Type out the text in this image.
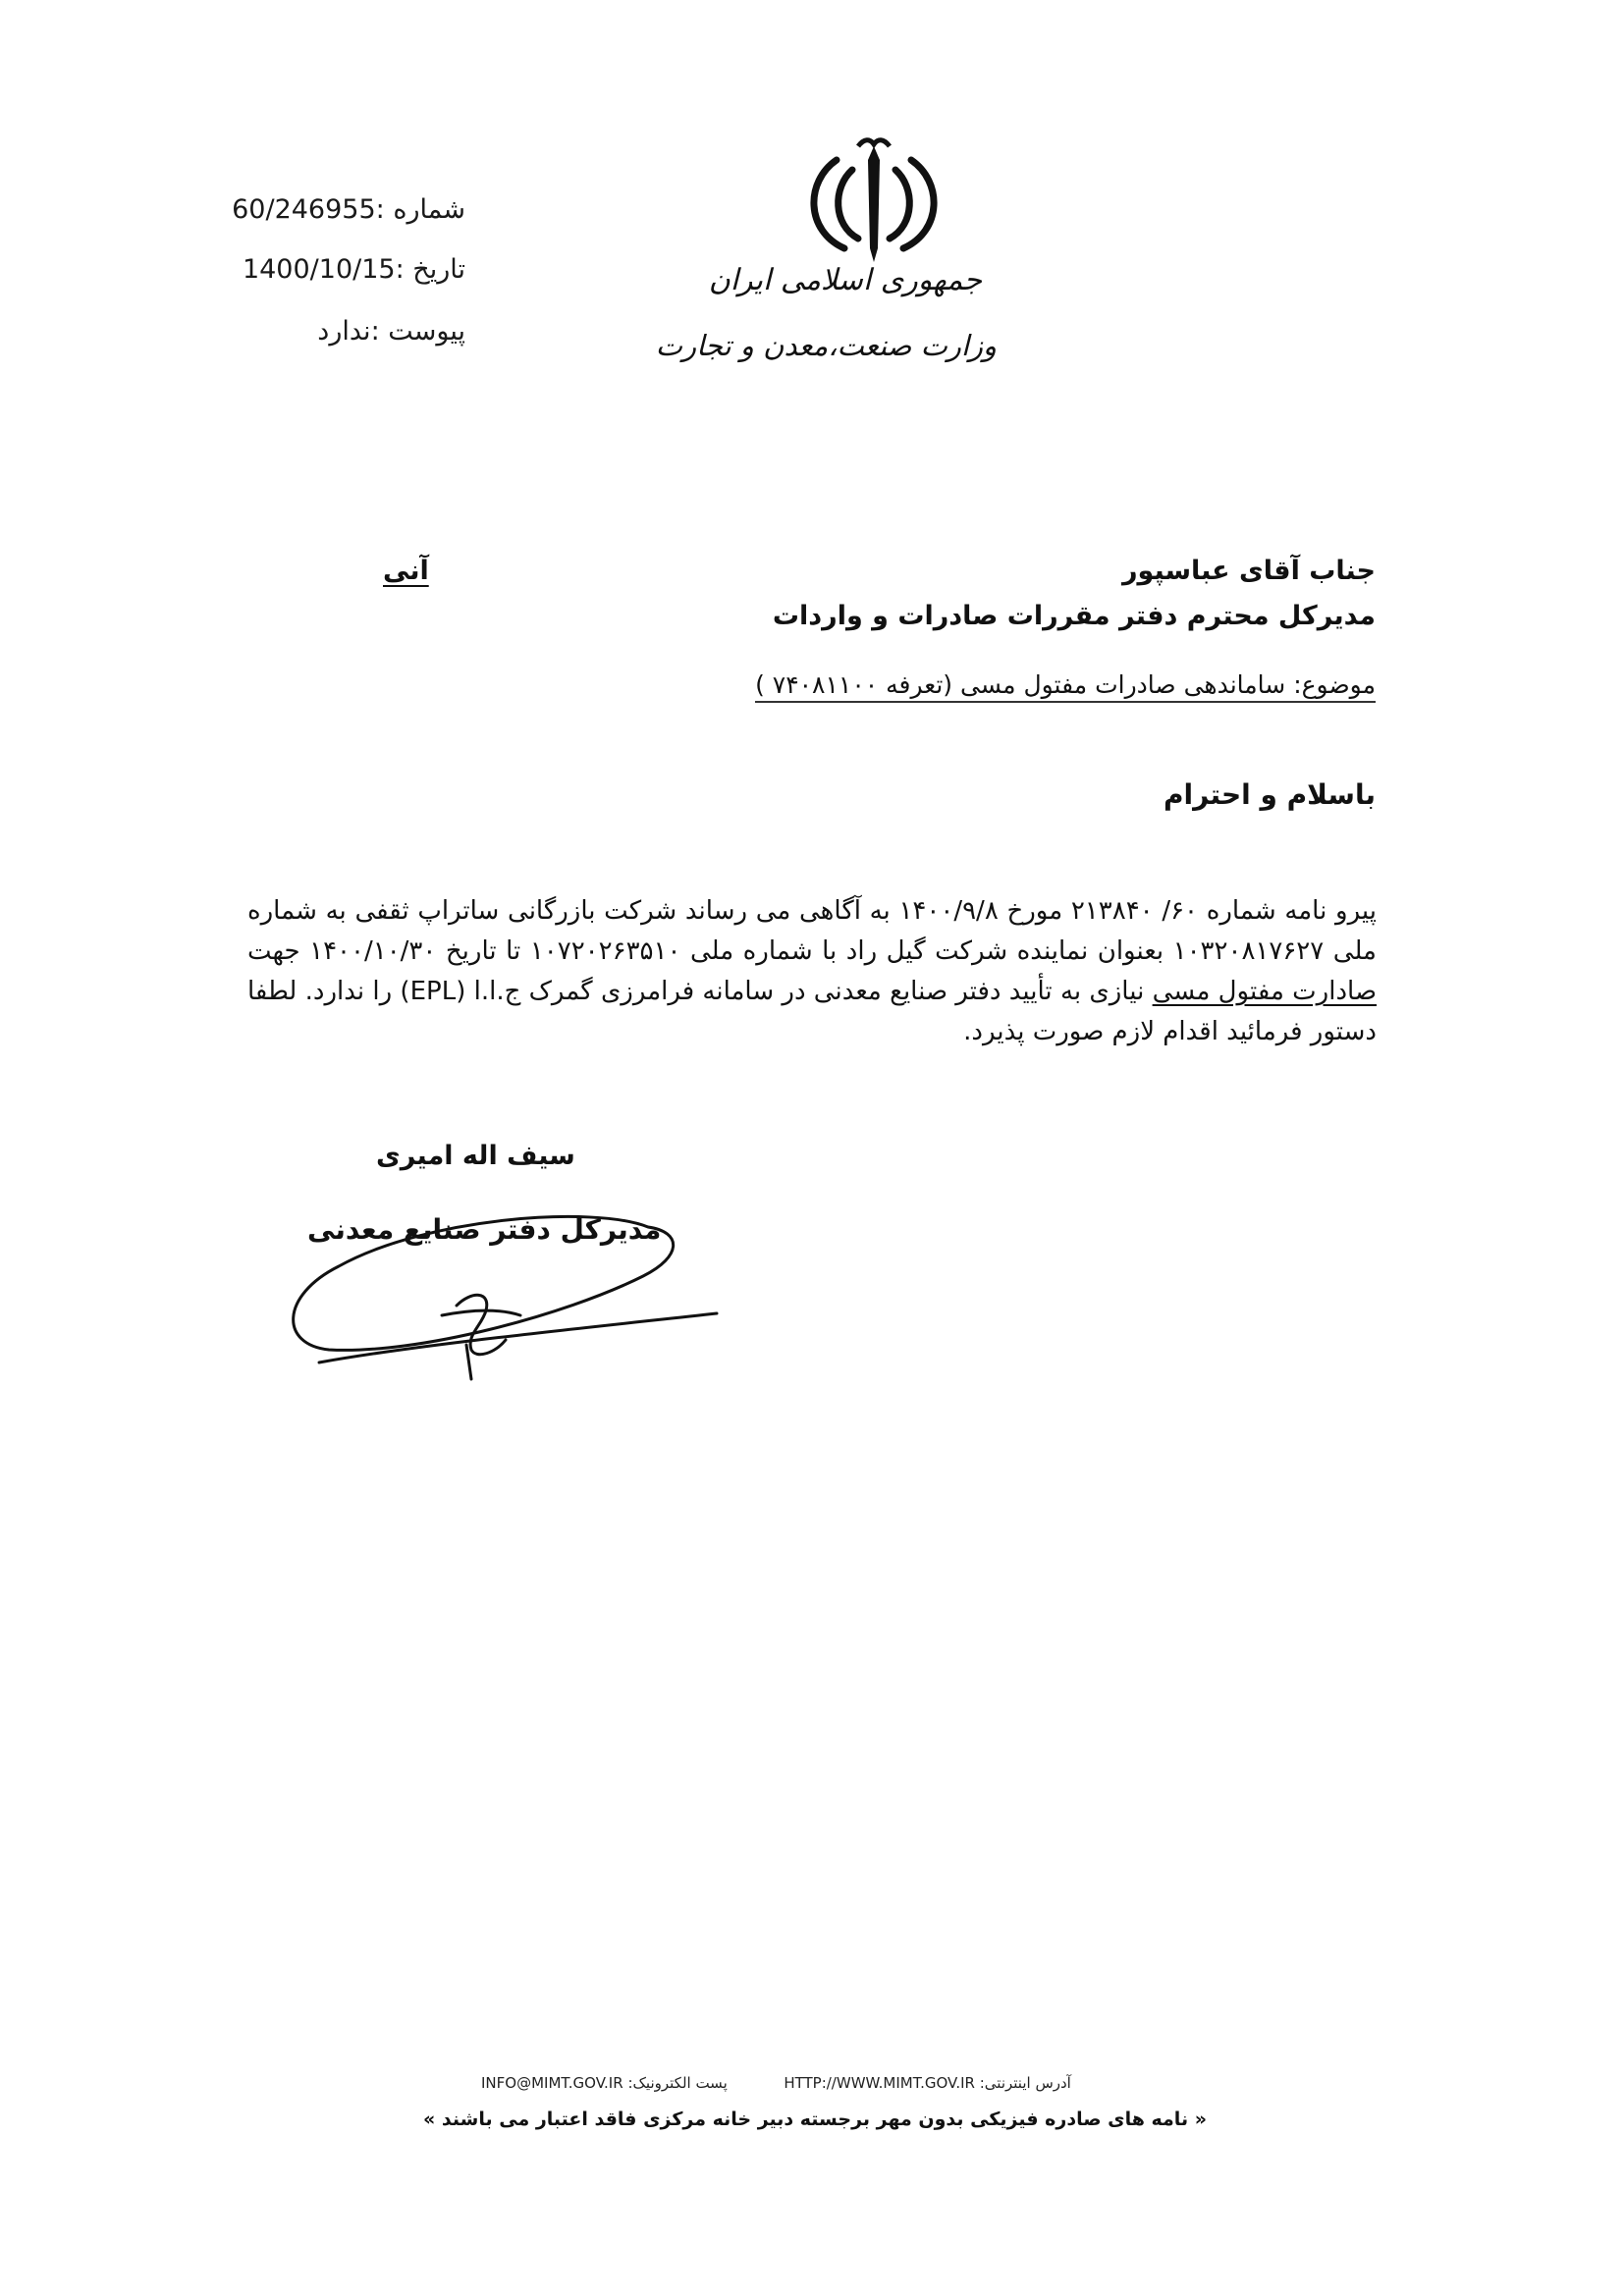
شماره :60/246955
تاریخ :1400/10/15
پیوست :ندارد
جمهوری اسلامی ایران
وزارت صنعت،معدن و تجارت
جناب آقای عباسپور
مدیرکل محترم دفتر مقررات صادرات و واردات
آنی
موضوع: ساماندهی صادرات مفتول مسی (تعرفه ۷۴۰۸۱۱۰۰ )
باسلام و احترام
پیرو نامه شماره ۶۰/ ۲۱۳۸۴۰ مورخ ۱۴۰۰/۹/۸ به آگاهی می رساند شرکت بازرگانی ساتراپ ثقفی به شماره ملی ۱۰۳۲۰۸۱۷۶۲۷ بعنوان نماینده شرکت گیل راد با شماره ملی ۱۰۷۲۰۲۶۳۵۱۰ تا تاریخ ۱۴۰۰/۱۰/۳۰ جهت صادارت مفتول مسی نیازی به تأیید دفتر صنایع معدنی در سامانه فرامرزی گمرک ج.ا.ا (EPL) را ندارد. لطفا دستور فرمائید اقدام لازم صورت پذیرد.
سیف اله امیری
مدیرکل دفتر صنایع معدنی
INFO@MIMT.GOV.IR پست الکترونیک:	HTTP://WWW.MIMT.GOV.IR آدرس اینترنتی:
« نامه های صادره فیزیکی بدون مهر برجسته دبیر خانه مرکزی فاقد اعتبار می باشند »
